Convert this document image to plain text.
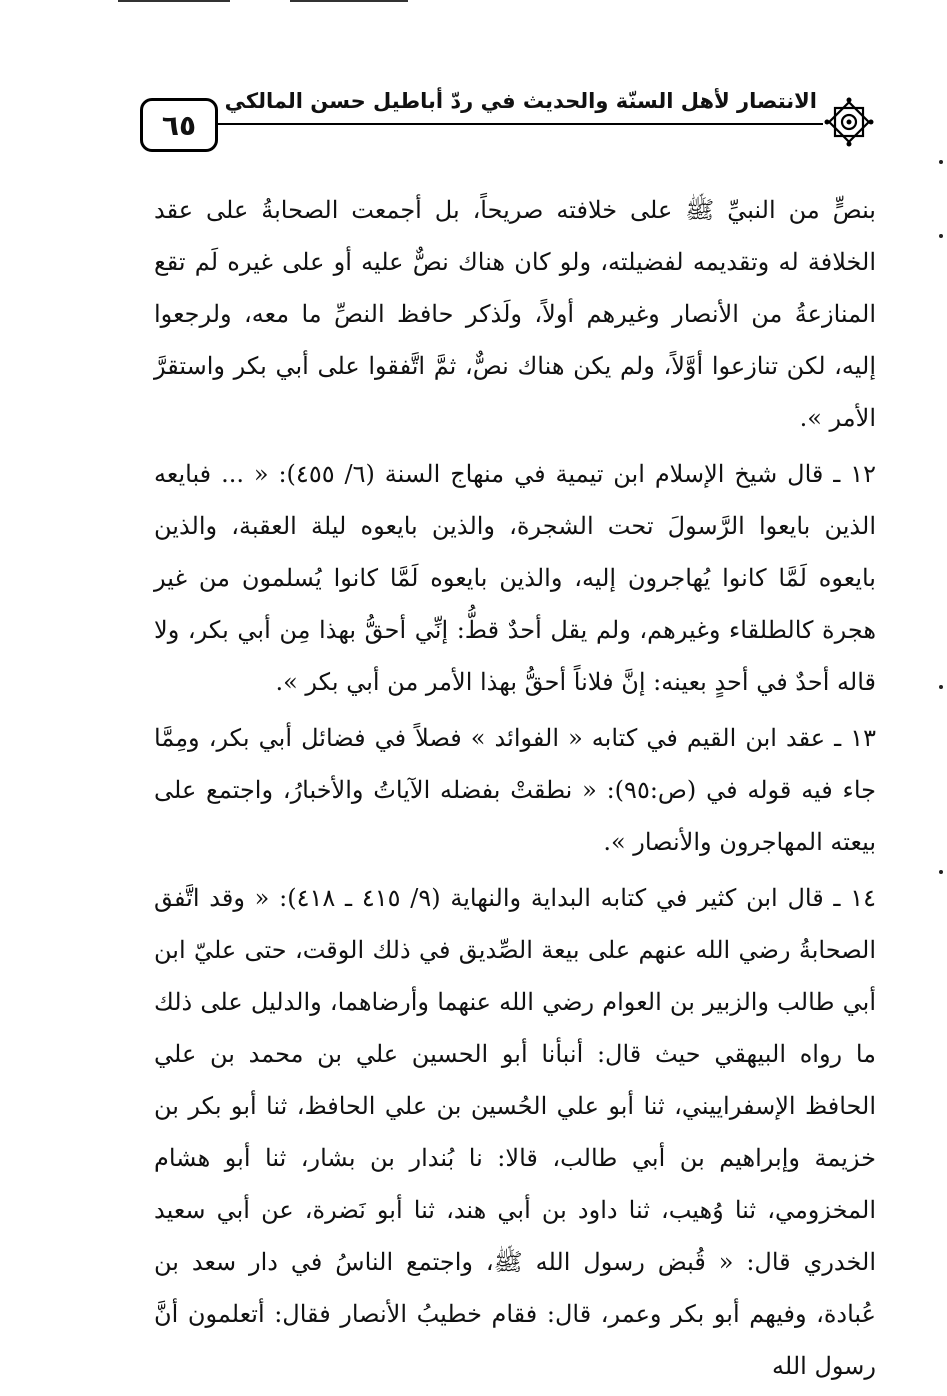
٦٥
الانتصار لأهل السنّة والحديث في ردّ أباطيل حسن المالكي

بنصٍّ من النبيِّ ﷺ على خلافته صريحاً، بل أجمعت الصحابةُ على عقد الخلافة له وتقديمه لفضيلته، ولو كان هناك نصٌّ عليه أو على غيره لَم تقع المنازعةُ من الأنصار وغيرهم أولاً، ولَذكر حافظ النصِّ ما معه، ولرجعوا إليه، لكن تنازعوا أوَّلاً، ولم يكن هناك نصٌّ، ثمَّ اتَّفقوا على أبي بكر واستقرَّ الأمر ».

١٢ ـ قال شيخ الإسلام ابن تيمية في منهاج السنة (٦/ ٤٥٥): « ... فبايعه الذين بايعوا الرَّسولَ تحت الشجرة، والذين بايعوه ليلة العقبة، والذين بايعوه لَمَّا كانوا يُهاجرون إليه، والذين بايعوه لَمَّا كانوا يُسلمون من غير هجرة كالطلقاء وغيرهم، ولم يقل أحدٌ قطُّ: إنِّي أحقُّ بهذا مِن أبي بكر، ولا قاله أحدٌ في أحدٍ بعينه: إنَّ فلاناً أحقُّ بهذا الأمر من أبي بكر ».

١٣ ـ عقد ابن القيم في كتابه « الفوائد » فصلاً في فضائل أبي بكر، ومِمَّا جاء فيه قوله في (ص:٩٥): « نطقتْ بفضله الآياتُ والأخبارُ، واجتمع على بيعته المهاجرون والأنصار ».

١٤ ـ قال ابن كثير في كتابه البداية والنهاية (٩/ ٤١٥ ـ ٤١٨): « وقد اتَّفق الصحابةُ رضي الله عنهم على بيعة الصِّديق في ذلك الوقت، حتى عليّ ابن أبي طالب والزبير بن العوام رضي الله عنهما وأرضاهما، والدليل على ذلك ما رواه البيهقي حيث قال: أنبأنا أبو الحسين علي بن محمد بن علي الحافظ الإسفراييني، ثنا أبو علي الحُسين بن علي الحافظ، ثنا أبو بكر بن خزيمة وإبراهيم بن أبي طالب، قالا: نا بُندار بن بشار، ثنا أبو هشام المخزومي، ثنا وُهيب، ثنا داود بن أبي هند، ثنا أبو نَضرة، عن أبي سعيد الخدري قال: « قُبض رسول الله ﷺ، واجتمع الناسُ في دار سعد بن عُبادة، وفيهم أبو بكر وعمر، قال: فقام خطيبُ الأنصار فقال: أتعلمون أنَّ رسول الله
